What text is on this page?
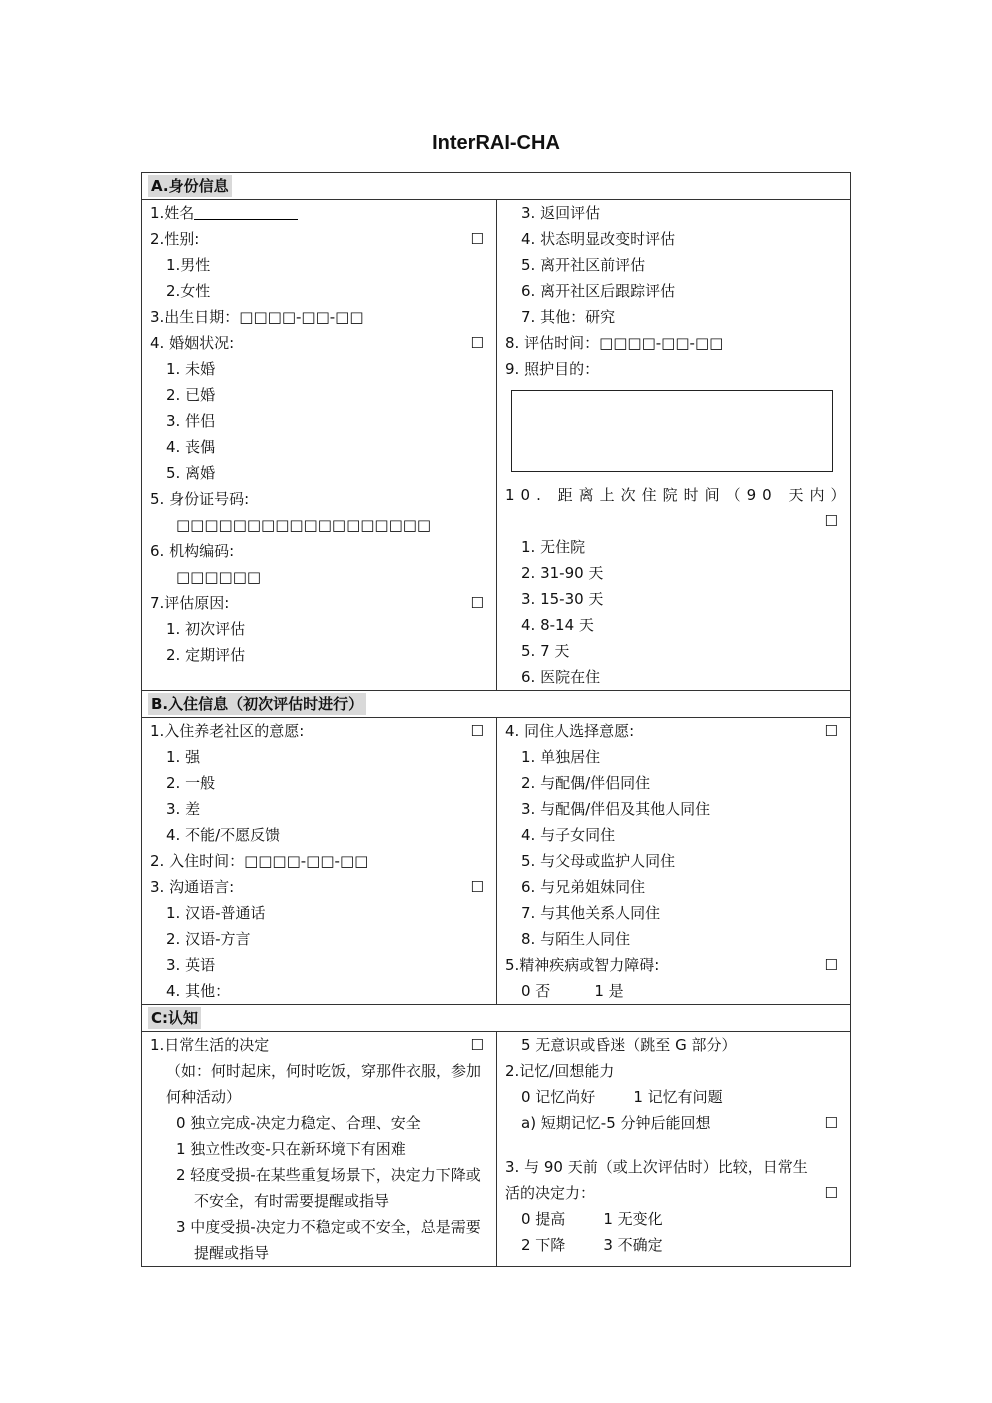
InterRAI-CHA
A.身份信息
1.姓名
2.性别:	☐
1.男性
2.女性
3.出生日期：□□□□-□□-□□
4. 婚姻状况:	☐
1. 未婚
2. 已婚
3. 伴侣
4. 丧偶
5. 离婚
5. 身份证号码:
□□□□□□□□□□□□□□□□□□
6. 机构编码:
□□□□□□
7.评估原因:	☐
1. 初次评估
2. 定期评估
3. 返回评估
4. 状态明显改变时评估
5. 离开社区前评估
6. 离开社区后跟踪评估
7. 其他：研究
8. 评估时间：□□□□-□□-□□
9. 照护目的：
10. 距离上次住院时间（90 天内）
☐
1. 无住院
2. 31-90 天
3. 15-30 天
4. 8-14 天
5. 7 天
6. 医院在住
B.入住信息（初次评估时进行）
1.入住养老社区的意愿:	☐
1. 强
2. 一般
3. 差
4. 不能/不愿反馈
2. 入住时间：□□□□-□□-□□
3. 沟通语言:	☐
1. 汉语-普通话
2. 汉语-方言
3. 英语
4. 其他：
4. 同住人选择意愿:	☐
1. 单独居住
2. 与配偶/伴侣同住
3. 与配偶/伴侣及其他人同住
4. 与子女同住
5. 与父母或监护人同住
6. 与兄弟姐妹同住
7. 与其他关系人同住
8. 与陌生人同住
5.精神疾病或智力障碍:	☐
0 否	1 是
C:认知
1.日常生活的决定	☐
（如：何时起床，何时吃饭，穿那件衣服，参加何种活动）
0 独立完成-决定力稳定、合理、安全
1 独立性改变-只在新环境下有困难
2 轻度受损-在某些重复场景下，决定力下降或不安全，有时需要提醒或指导
3 中度受损-决定力不稳定或不安全，总是需要提醒或指导
5 无意识或昏迷（跳至 G 部分）
2.记忆/回想能力
0 记忆尚好	1 记忆有问题
a) 短期记忆-5 分钟后能回想	☐
3. 与 90 天前（或上次评估时）比较，日常生活的决定力：	☐
0 提高	1 无变化
2 下降	3 不确定
